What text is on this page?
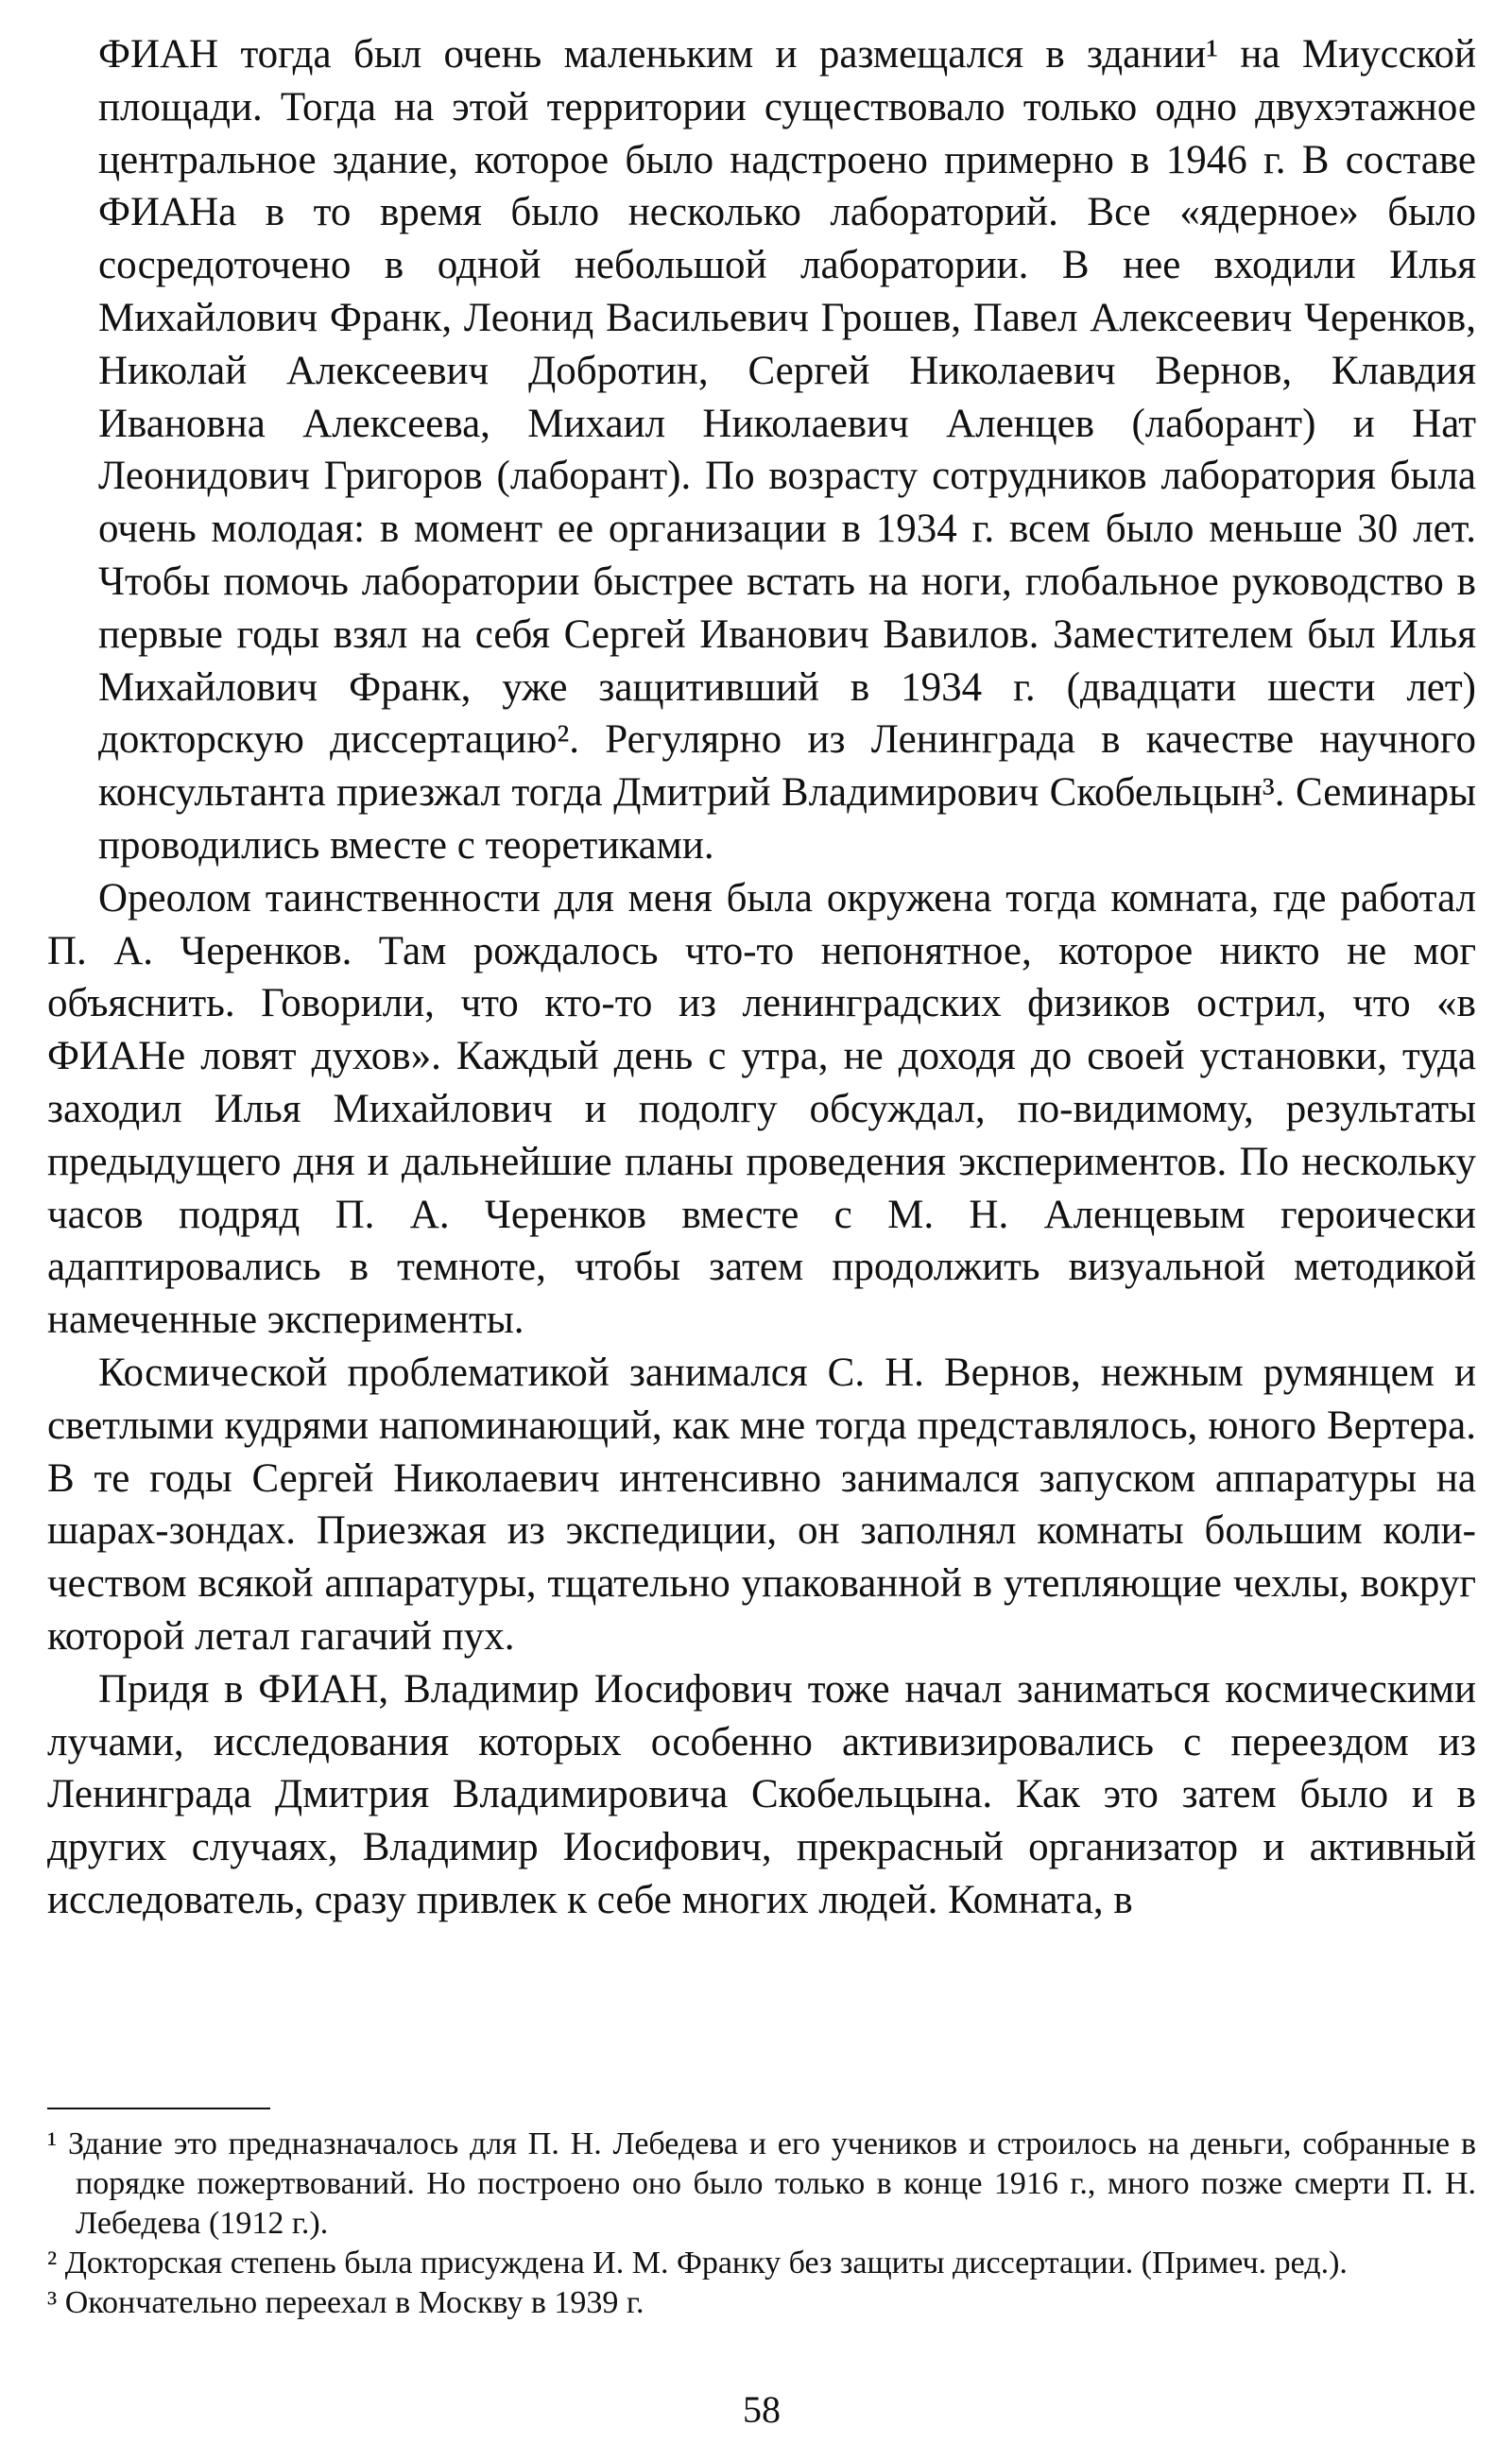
ФИАН тогда был очень маленьким и размещался в здании¹ на Миусской площади. Тогда на этой территории существовало только одно двухэтажное центральное здание, которое было надстроено примерно в 1946 г. В составе ФИАНа в то время было несколько лабораторий. Все «ядерное» было сосредоточено в одной небольшой лаборатории. В нее входили Илья Михайлович Франк, Леонид Васильевич Грошев, Павел Алексеевич Черенков, Николай Алексеевич Добротин, Сергей Николаевич Вернов, Клавдия Ивановна Алексеева, Михаил Николаевич Аленцев (лаборант) и Нат Леонидович Григоров (лаборант). По возрасту сотрудников лаборатория была очень молодая: в момент ее организации в 1934 г. всем было меньше 30 лет. Чтобы помочь лаборатории быстрее встать на ноги, глобальное руководство в первые годы взял на себя Сергей Иванович Вавилов. Заместителем был Илья Михайлович Франк, уже защитивший в 1934 г. (двадцати шести лет) докторскую диссертацию². Регулярно из Ленинграда в качестве научного консультанта приезжал тогда Дмитрий Владимирович Скобельцын³. Семинары проводились вместе с теоретиками.

Ореолом таинственности для меня была окружена тогда комната, где работал П. А. Черенков. Там рождалось что-то непонятное, которое никто не мог объяснить. Говорили, что кто-то из ленинградских физиков острил, что «в ФИАНе ловят духов». Каждый день с утра, не доходя до своей установки, туда заходил Илья Михайлович и подолгу обсуждал, по-видимому, результаты предыдущего дня и дальнейшие планы проведения экспериментов. По нескольку часов подряд П. А. Черенков вместе с М. Н. Аленцевым героически адаптировались в темноте, чтобы затем продолжить визуальной методикой намеченные эксперименты.

Космической проблематикой занимался С. Н. Вернов, нежным румянцем и светлыми кудрями напоминающий, как мне тогда представлялось, юного Вертера. В те годы Сергей Николаевич интенсивно занимался запуском аппаратуры на шарах-зондах. Приезжая из экспедиции, он заполнял комнаты большим количеством всякой аппаратуры, тщательно упакованной в утепляющие чехлы, вокруг которой летал гагачий пух.

Придя в ФИАН, Владимир Иосифович тоже начал заниматься космическими лучами, исследования которых особенно активизировались с переездом из Ленинграда Дмитрия Владимировича Скобельцына. Как это затем было и в других случаях, Владимир Иосифович, прекрасный организатор и активный исследователь, сразу привлек к себе многих людей. Комната, в

¹ Здание это предназначалось для П. Н. Лебедева и его учеников и строилось на деньги, собранные в порядке пожертвований. Но построено оно было только в конце 1916 г., много позже смерти П. Н. Лебедева (1912 г.).

² Докторская степень была присуждена И. М. Франку без защиты диссертации. (Примеч. ред.).

³ Окончательно переехал в Москву в 1939 г.

58
